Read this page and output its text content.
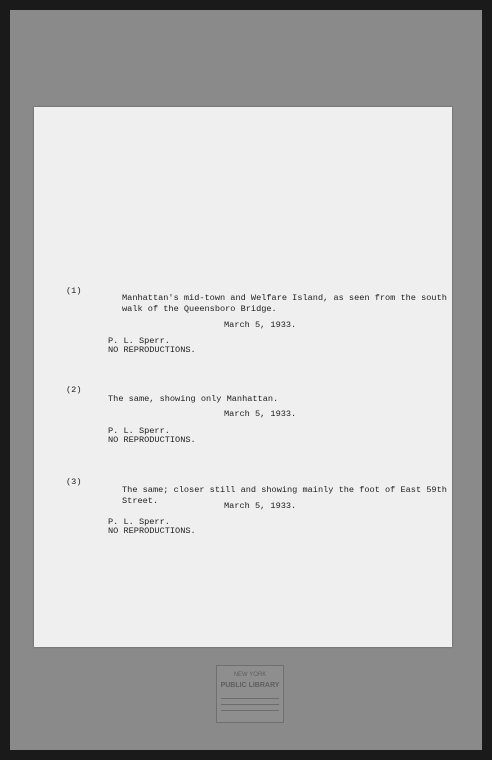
(1)
Manhattan's mid-town and Welfare Island, as seen from the south walk of the Queensboro Bridge.
March 5, 1933.
P. L. Sperr.
NO REPRODUCTIONS.
(2)
The same, showing only Manhattan.
March 5, 1933.
P. L. Sperr.
NO REPRODUCTIONS.
(3)
The same; closer still and showing mainly the foot of East 59th Street.	March 5, 1933.
P. L. Sperr.
NO REPRODUCTIONS.
NEW YORK
PUBLIC LIBRARY
